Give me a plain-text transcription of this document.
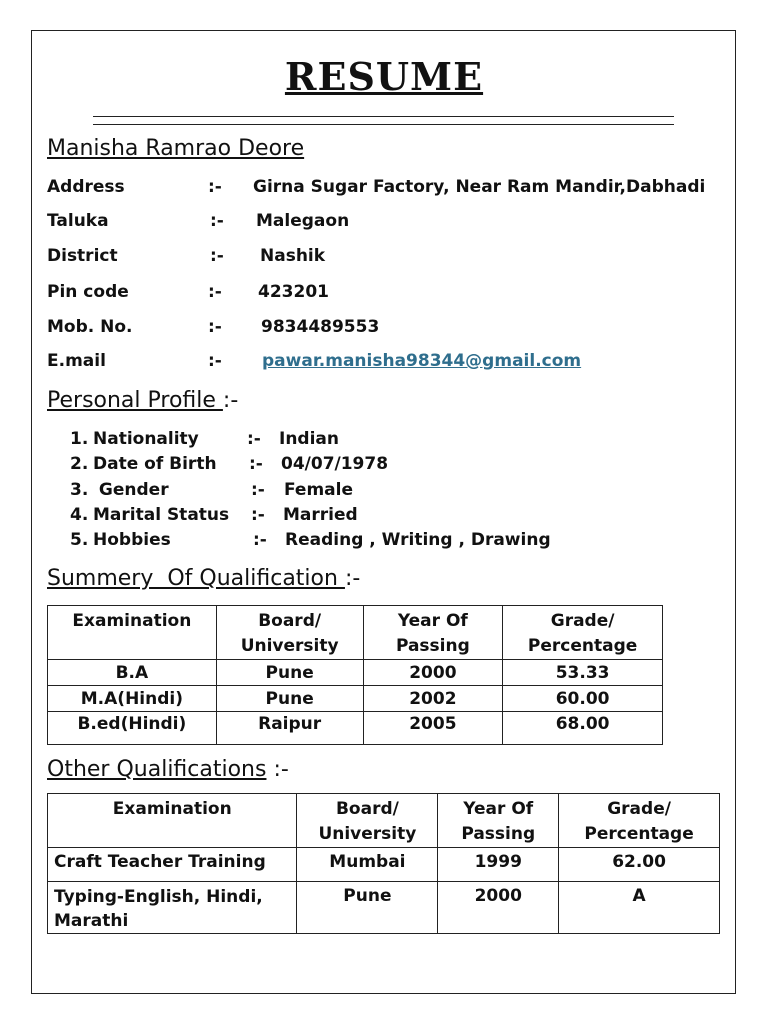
RESUME
Manisha Ramrao Deore
Address	:- Girna Sugar Factory, Near Ram Mandir,Dabhadi
Taluka	:- Malegaon
District	:- Nashik
Pin code	:- 423201
Mob. No.	:- 9834489553
E.mail	:- pawar.manisha98344@gmail.com
Personal Profile :-
1. Nationality	:- Indian
2. Date of Birth :- 04/07/1978
3. Gender	:- Female
4. Marital Status :- Married
5. Hobbies	:- Reading , Writing , Drawing
Summery  Of Qualification :-
Examination	Board/ University	Year Of Passing	Grade/ Percentage
B.A	Pune	2000	53.33
M.A(Hindi)	Pune	2002	60.00
B.ed(Hindi)	Raipur	2005	68.00
Other Qualifications :-
Examination	Board/ University	Year Of Passing	Grade/ Percentage
Craft Teacher Training	Mumbai	1999	62.00
Typing-English, Hindi, Marathi	Pune	2000	A
